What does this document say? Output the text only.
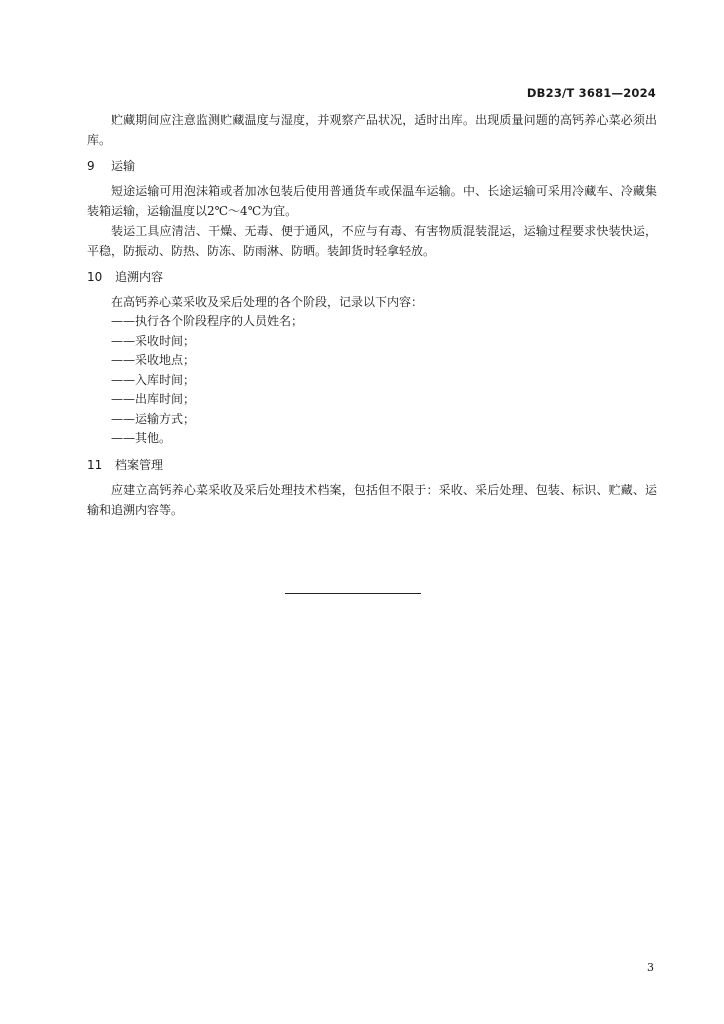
DB23/T 3681—2024

贮藏期间应注意监测贮藏温度与湿度，并观察产品状况，适时出库。出现质量问题的高钙养心菜必须出库。

9 运输

短途运输可用泡沫箱或者加冰包装后使用普通货车或保温车运输。中、长途运输可采用冷藏车、冷藏集装箱运输，运输温度以2℃～4℃为宜。

装运工具应清洁、干燥、无毒、便于通风，不应与有毒、有害物质混装混运，运输过程要求快装快运，平稳，防振动、防热、防冻、防雨淋、防晒。装卸货时轻拿轻放。

10 追溯内容

在高钙养心菜采收及采后处理的各个阶段，记录以下内容：

——执行各个阶段程序的人员姓名；

——采收时间；

——采收地点；

——入库时间；

——出库时间；

——运输方式；

——其他。

11 档案管理

应建立高钙养心菜采收及采后处理技术档案，包括但不限于：采收、采后处理、包装、标识、贮藏、运输和追溯内容等。

3
